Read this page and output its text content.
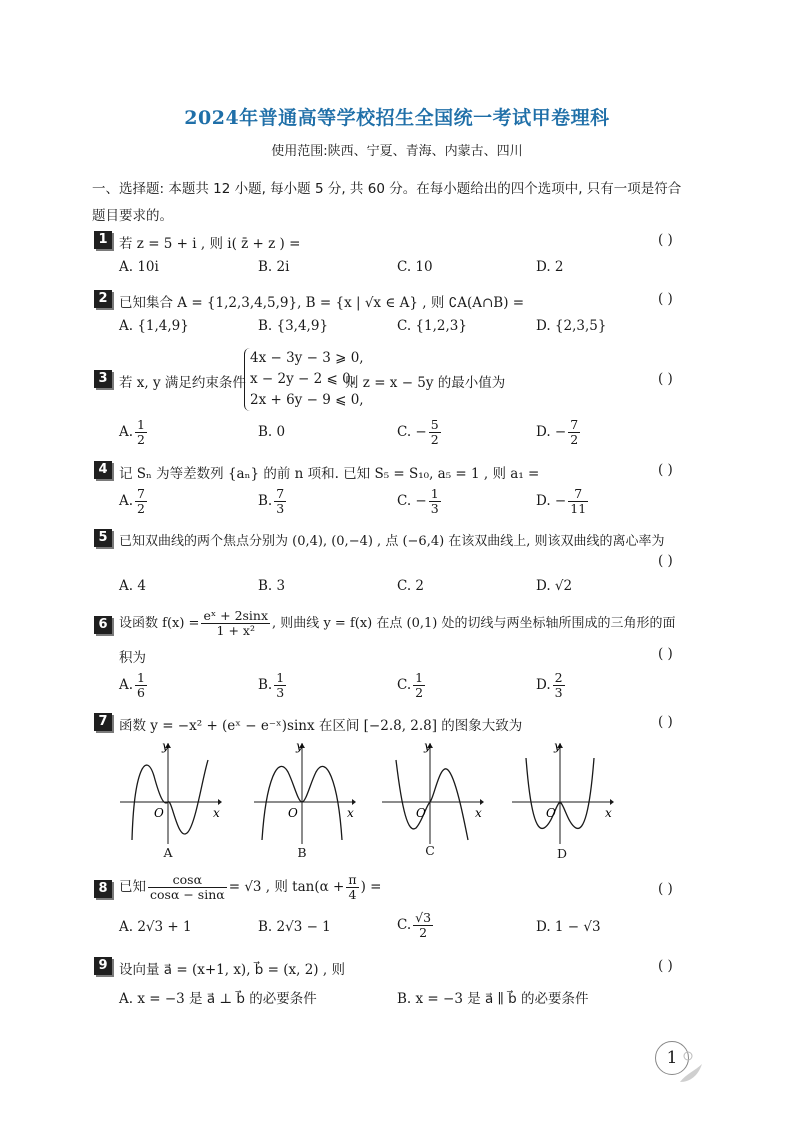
2024年普通高等学校招生全国统一考试甲卷理科
使用范围:陕西、宁夏、青海、内蒙古、四川
一、选择题: 本题共 12 小题, 每小题 5 分, 共 60 分。在每小题给出的四个选项中, 只有一项是符合
题目要求的。
1 若 z = 5 + i , 则 i( z̄ + z ) =	( )
A. 10i	B. 2i	C. 10	D. 2
2 已知集合 A = {1,2,3,4,5,9}, B = {x | √x ∈ A} , 则 ∁A(A∩B) =	( )
A. {1,4,9}	B. {3,4,9}	C. {1,2,3}	D. {2,3,5}
3 若 x, y 满足约束条件
4x − 3y − 3 ⩾ 0,
x − 2y − 2 ⩽ 0,
2x + 6y − 9 ⩽ 0,
则 z = x − 5y 的最小值为	( )
A. $\frac{1}{2}$	B. 0	C. − $\frac{5}{2}$	D. − $\frac{7}{2}$
4 记 Sₙ 为等差数列 {aₙ} 的前 n 项和. 已知 S₅ = S₁₀, a₅ = 1 , 则 a₁ =	( )
A. $\frac{7}{2}$	B. $\frac{7}{3}$	C. − $\frac{1}{3}$	D. − $\frac{7}{11}$
5 已知双曲线的两个焦点分别为 (0,4), (0,−4) , 点 (−6,4) 在该双曲线上, 则该双曲线的离心率为
( )
A. 4	B. 3	C. 2	D. √2
6 设函数 $f(x) = \frac{\text{eˣ + 2sinx}}{\text{1 + x²}}$ , 则曲线 y = f(x) 在点 (0,1) 处的切线与两坐标轴所围成的三角形的面
积为	( )
A. $\frac{1}{6}$	B. $\frac{1}{3}$	C. $\frac{1}{2}$	D. $\frac{2}{3}$
7 函数 y = −x² + (eˣ − e⁻ˣ)sinx 在区间 [−2.8, 2.8] 的图象大致为	( )
y
O	x
A
y
O	x
B
y
O	x
C
y
O	x
D
8 已知 $\frac{\cos\alpha}{\cos\alpha - \sin\alpha} = √3$ , 则 $\tan(\alpha + \frac{\pi}{4}$ ) =	( )
A. 2√3 + 1	B. 2√3 − 1	C. $\frac{√3}{2}$	D. 1 − √3
9 设向量 a⃗ = (x+1, x), b⃗ = (x, 2) , 则	( )
A. x = −3 是 a⃗ ⊥ b⃗ 的必要条件	B. x = −3 是 a⃗ ∥ b⃗ 的必要条件
1
